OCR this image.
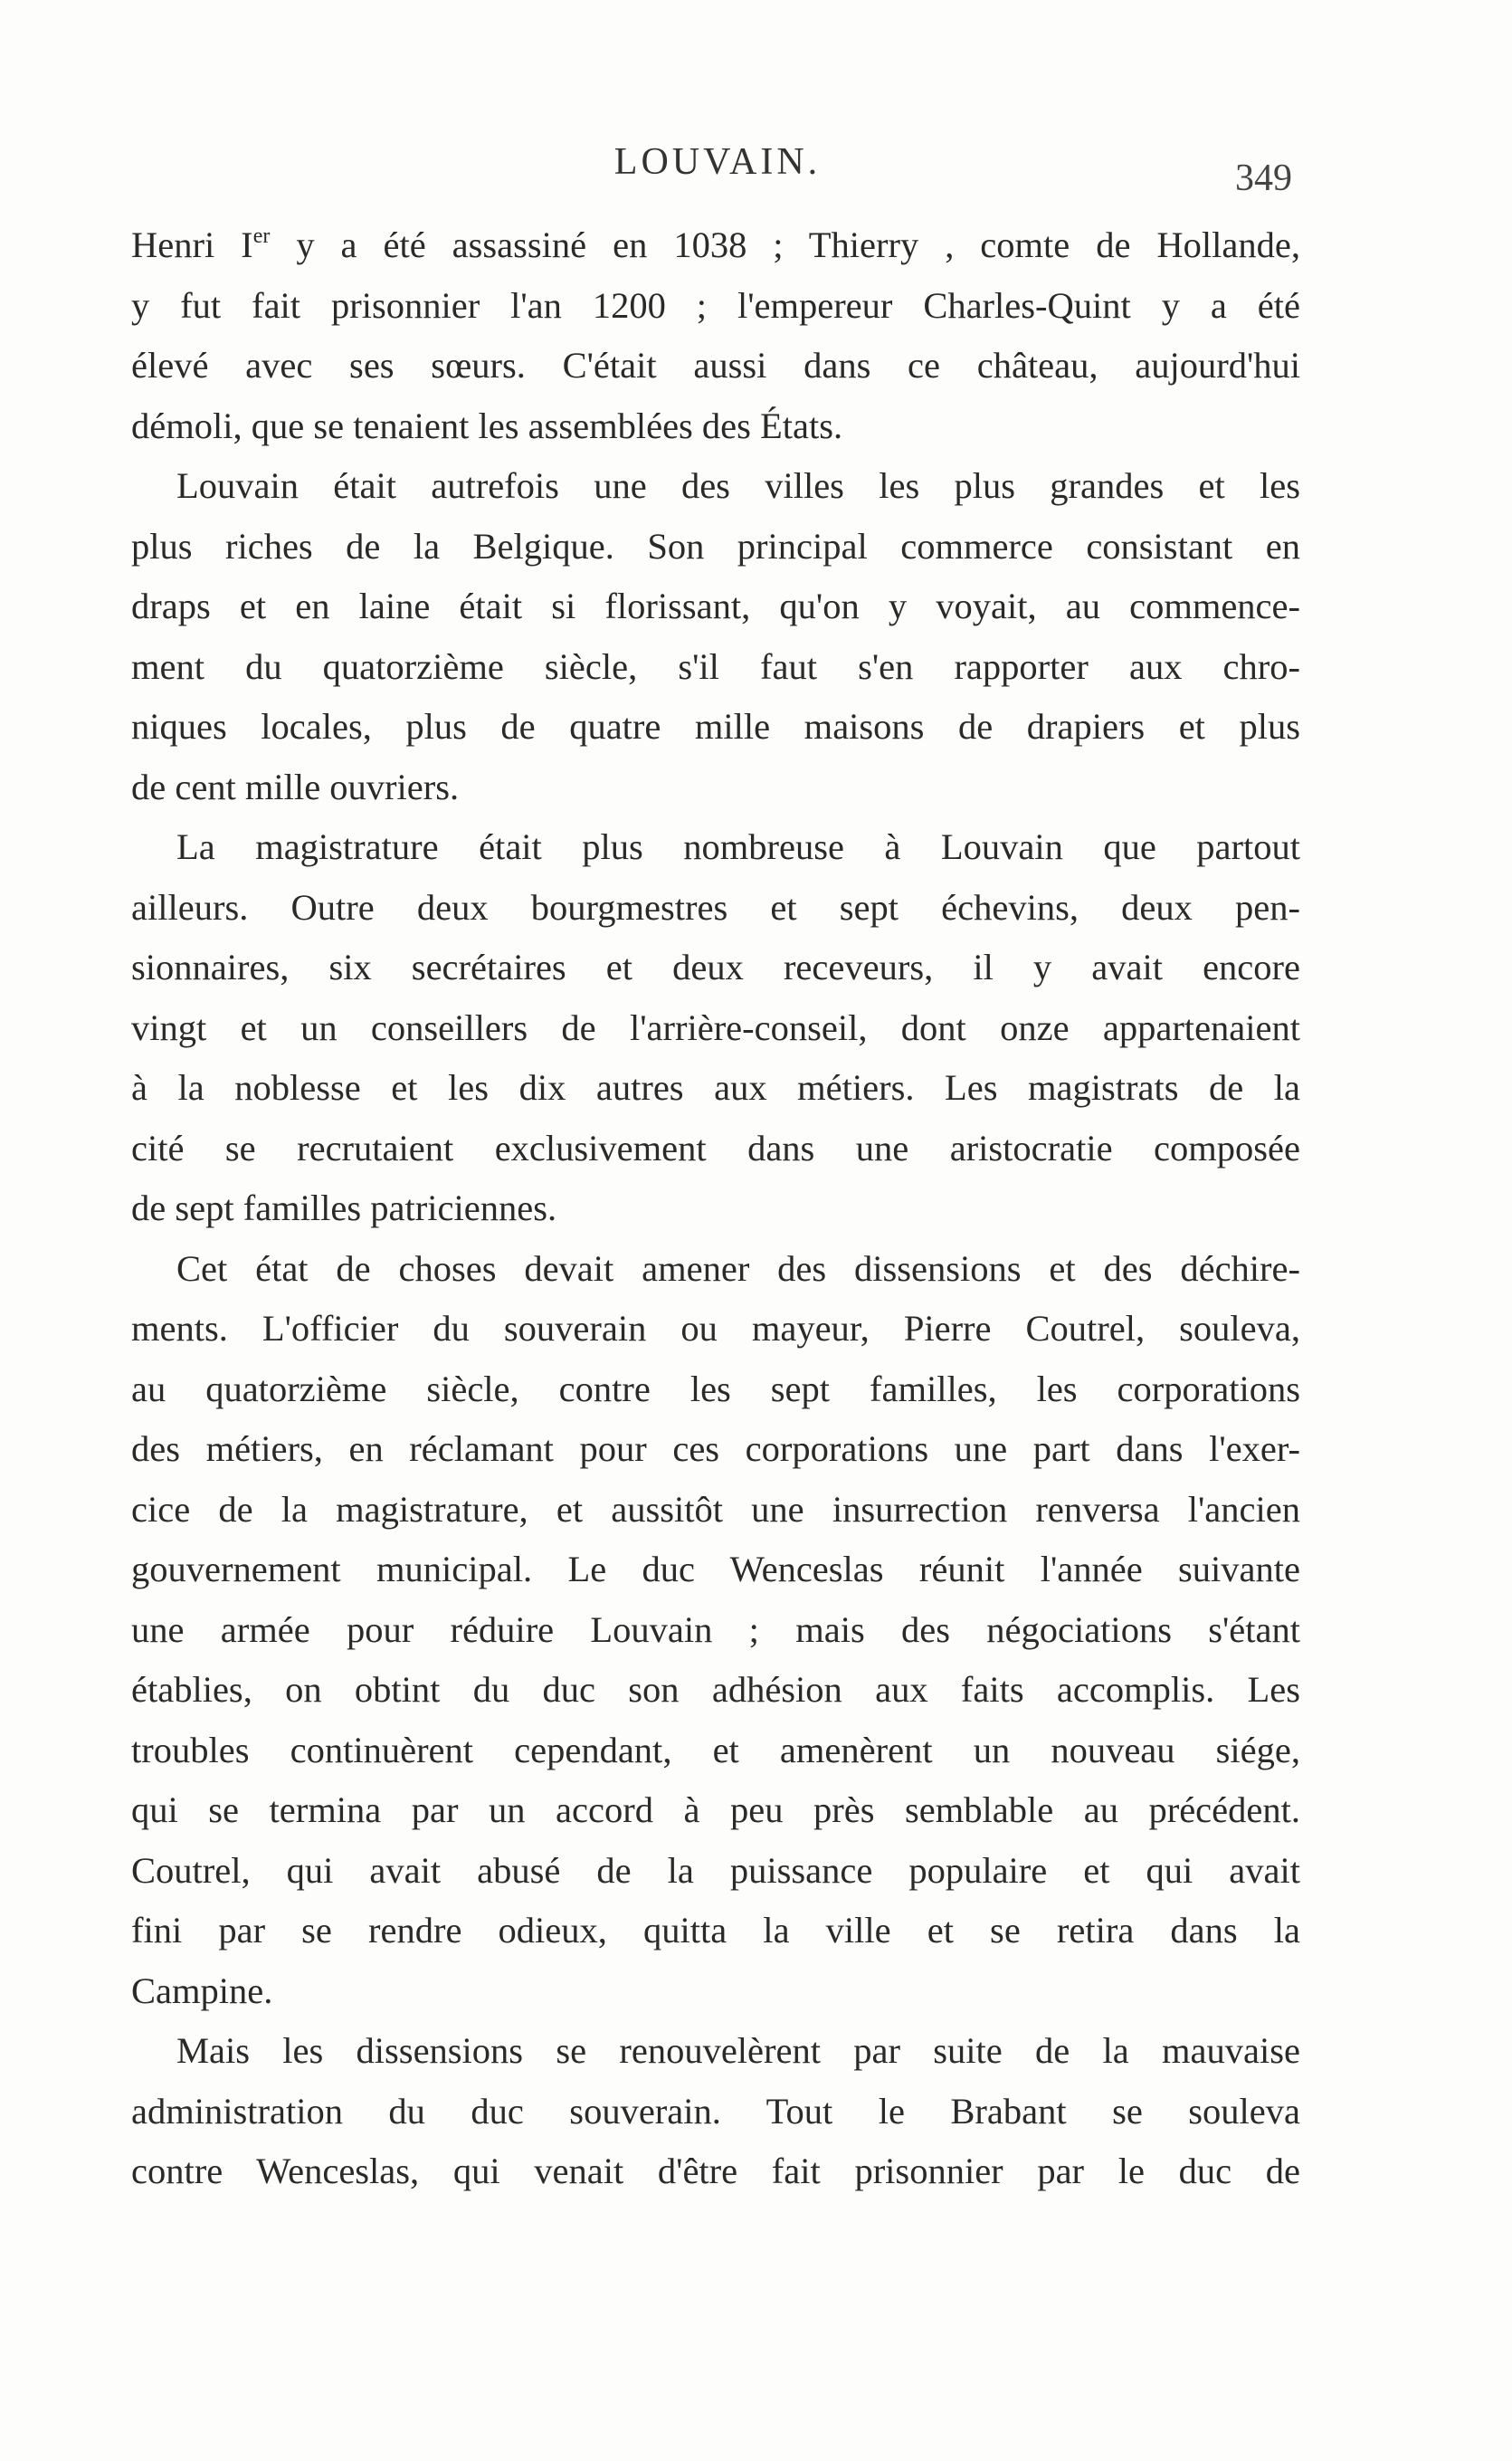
LOUVAIN.	349
Henri Ier y a été assassiné en 1038 ; Thierry , comte de Hollande,
y fut fait prisonnier l'an 1200 ; l'empereur Charles-Quint y a été
élevé avec ses sœurs. C'était aussi dans ce château, aujourd'hui
démoli, que se tenaient les assemblées des États.
Louvain était autrefois une des villes les plus grandes et les
plus riches de la Belgique. Son principal commerce consistant en
draps et en laine était si florissant, qu'on y voyait, au commence-
ment du quatorzième siècle, s'il faut s'en rapporter aux chro-
niques locales, plus de quatre mille maisons de drapiers et plus
de cent mille ouvriers.
La magistrature était plus nombreuse à Louvain que partout
ailleurs. Outre deux bourgmestres et sept échevins, deux pen-
sionnaires, six secrétaires et deux receveurs, il y avait encore
vingt et un conseillers de l'arrière-conseil, dont onze appartenaient
à la noblesse et les dix autres aux métiers. Les magistrats de la
cité se recrutaient exclusivement dans une aristocratie composée
de sept familles patriciennes.
Cet état de choses devait amener des dissensions et des déchire-
ments. L'officier du souverain ou mayeur, Pierre Coutrel, souleva,
au quatorzième siècle, contre les sept familles, les corporations
des métiers, en réclamant pour ces corporations une part dans l'exer-
cice de la magistrature, et aussitôt une insurrection renversa l'ancien
gouvernement municipal. Le duc Wenceslas réunit l'année suivante
une armée pour réduire Louvain ; mais des négociations s'étant
établies, on obtint du duc son adhésion aux faits accomplis. Les
troubles continuèrent cependant, et amenèrent un nouveau siége,
qui se termina par un accord à peu près semblable au précédent.
Coutrel, qui avait abusé de la puissance populaire et qui avait
fini par se rendre odieux, quitta la ville et se retira dans la
Campine.
Mais les dissensions se renouvelèrent par suite de la mauvaise
administration du duc souverain. Tout le Brabant se souleva
contre Wenceslas, qui venait d'être fait prisonnier par le duc de
